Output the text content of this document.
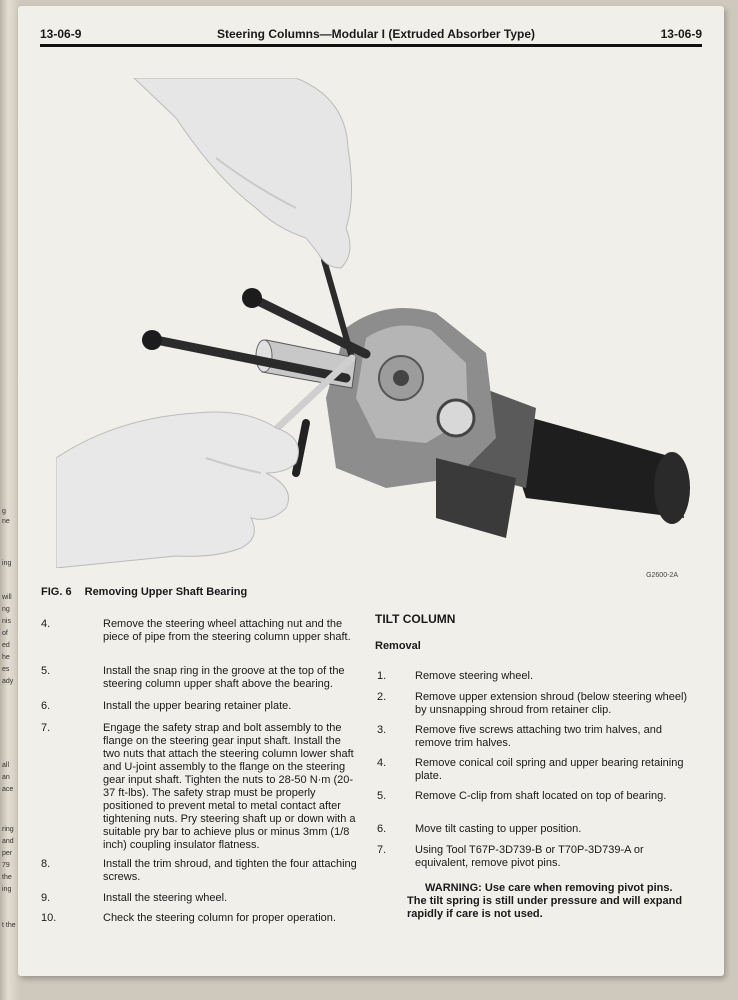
g
ne
ing
will
ng
nis
of
ed
he
es
ady
all
an
ace
ring
and
per
79
the
ing
t the
13-06-9	Steering Columns—Modular I (Extruded Absorber Type)	13-06-9
G2600-2A
FIG. 6 Removing Upper Shaft Bearing
4.	Remove the steering wheel attaching nut and the piece of pipe from the steering column upper shaft.
5.	Install the snap ring in the groove at the top of the steering column upper shaft above the bearing.
6.	Install the upper bearing retainer plate.
7.	Engage the safety strap and bolt assembly to the flange on the steering gear input shaft. Install the two nuts that attach the steering column lower shaft and U-joint assembly to the flange on the steering gear input shaft. Tighten the nuts to 28-50 N·m (20-37 ft-lbs). The safety strap must be properly positioned to prevent metal to metal contact after tightening nuts. Pry steering shaft up or down with a suitable pry bar to achieve plus or minus 3mm (1/8 inch) coupling insulator flatness.
8.	Install the trim shroud, and tighten the four attaching screws.
9.	Install the steering wheel.
10.	Check the steering column for proper operation.
TILT COLUMN
Removal
1.	Remove steering wheel.
2.	Remove upper extension shroud (below steering wheel) by unsnapping shroud from retainer clip.
3.	Remove five screws attaching two trim halves, and remove trim halves.
4.	Remove conical coil spring and upper bearing retaining plate.
5.	Remove C-clip from shaft located on top of bearing.
6.	Move tilt casting to upper position.
7.	Using Tool T67P-3D739-B or T70P-3D739-A or equivalent, remove pivot pins.
WARNING: Use care when removing pivot pins. The tilt spring is still under pressure and will expand rapidly if care is not used.
